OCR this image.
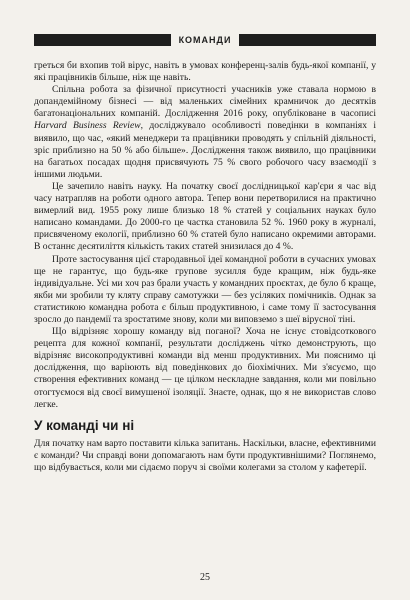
КОМАНДИ

греться би вхопив той вірус, навіть в умовах конференц-залів будь-якої компанії, у які працівників більше, ніж ще навіть.

Спільна робота за фізичної присутності учасників уже ставала нормою в допандемійному бізнесі — від маленьких сімейних крамничок до десятків багатонаціональних компаній. Дослідження 2016 року, опубліковане в часописі Harvard Business Review, досліджувало особливості поведінки в компаніях і виявило, що час, «який менеджери та працівники проводять у спільній діяльності, зріс приблизно на 50 % або більше». Дослідження також виявило, що працівники на багатьох посадах щодня присвячують 75 % свого робочого часу взаємодії з іншими людьми.

Це зачепило навіть науку. На початку своєї дослідницької кар'єри я час від часу натрапляв на роботи одного автора. Тепер вони перетворилися на практично вимерлий вид. 1955 року лише близько 18 % статей у соціальних науках було написано командами. До 2000-го це частка становила 52 %. 1960 року в журналі, присвяченому екології, приблизно 60 % статей було написано окремими авторами. В останнє десятиліття кількість таких статей знизилася до 4 %.

Проте застосування цієї стародавньої ідеї командної роботи в сучасних умовах ще не гарантує, що будь-яке групове зусилля буде кращим, ніж будь-яке індивідуальне. Усі ми хоч раз брали участь у командних проєктах, де було б краще, якби ми зробили ту кляту справу самотужки — без усіляких помічників. Однак за статистикою командна робота є більш продуктивною, і саме тому її застосування зросло до пандемії та зростатиме знову, коли ми виповземо з шеї вірусної тіні.

Що відрізняє хорошу команду від поганої? Хоча не існує стовідсоткового рецепта для кожної компанії, результати досліджень чітко демонструють, що відрізняє високопродуктивні команди від менш продуктивних. Ми пояснимо ці дослідження, що варіюють від поведінкових до біохімічних. Ми з'ясуємо, що створення ефективних команд — це цілком нескладне завдання, коли ми повільно отогтуємося від своєї вимушеної ізоляції. Знаєте, однак, що я не використав слово легке.

У команді чи ні

Для початку нам варто поставити кілька запитань. Наскільки, власне, ефективними є команди? Чи справді вони допомагають нам бути продуктивнішими? Поглянемо, що відбувається, коли ми сідаємо поруч зі своїми колегами за столом у кафетерії.

25
